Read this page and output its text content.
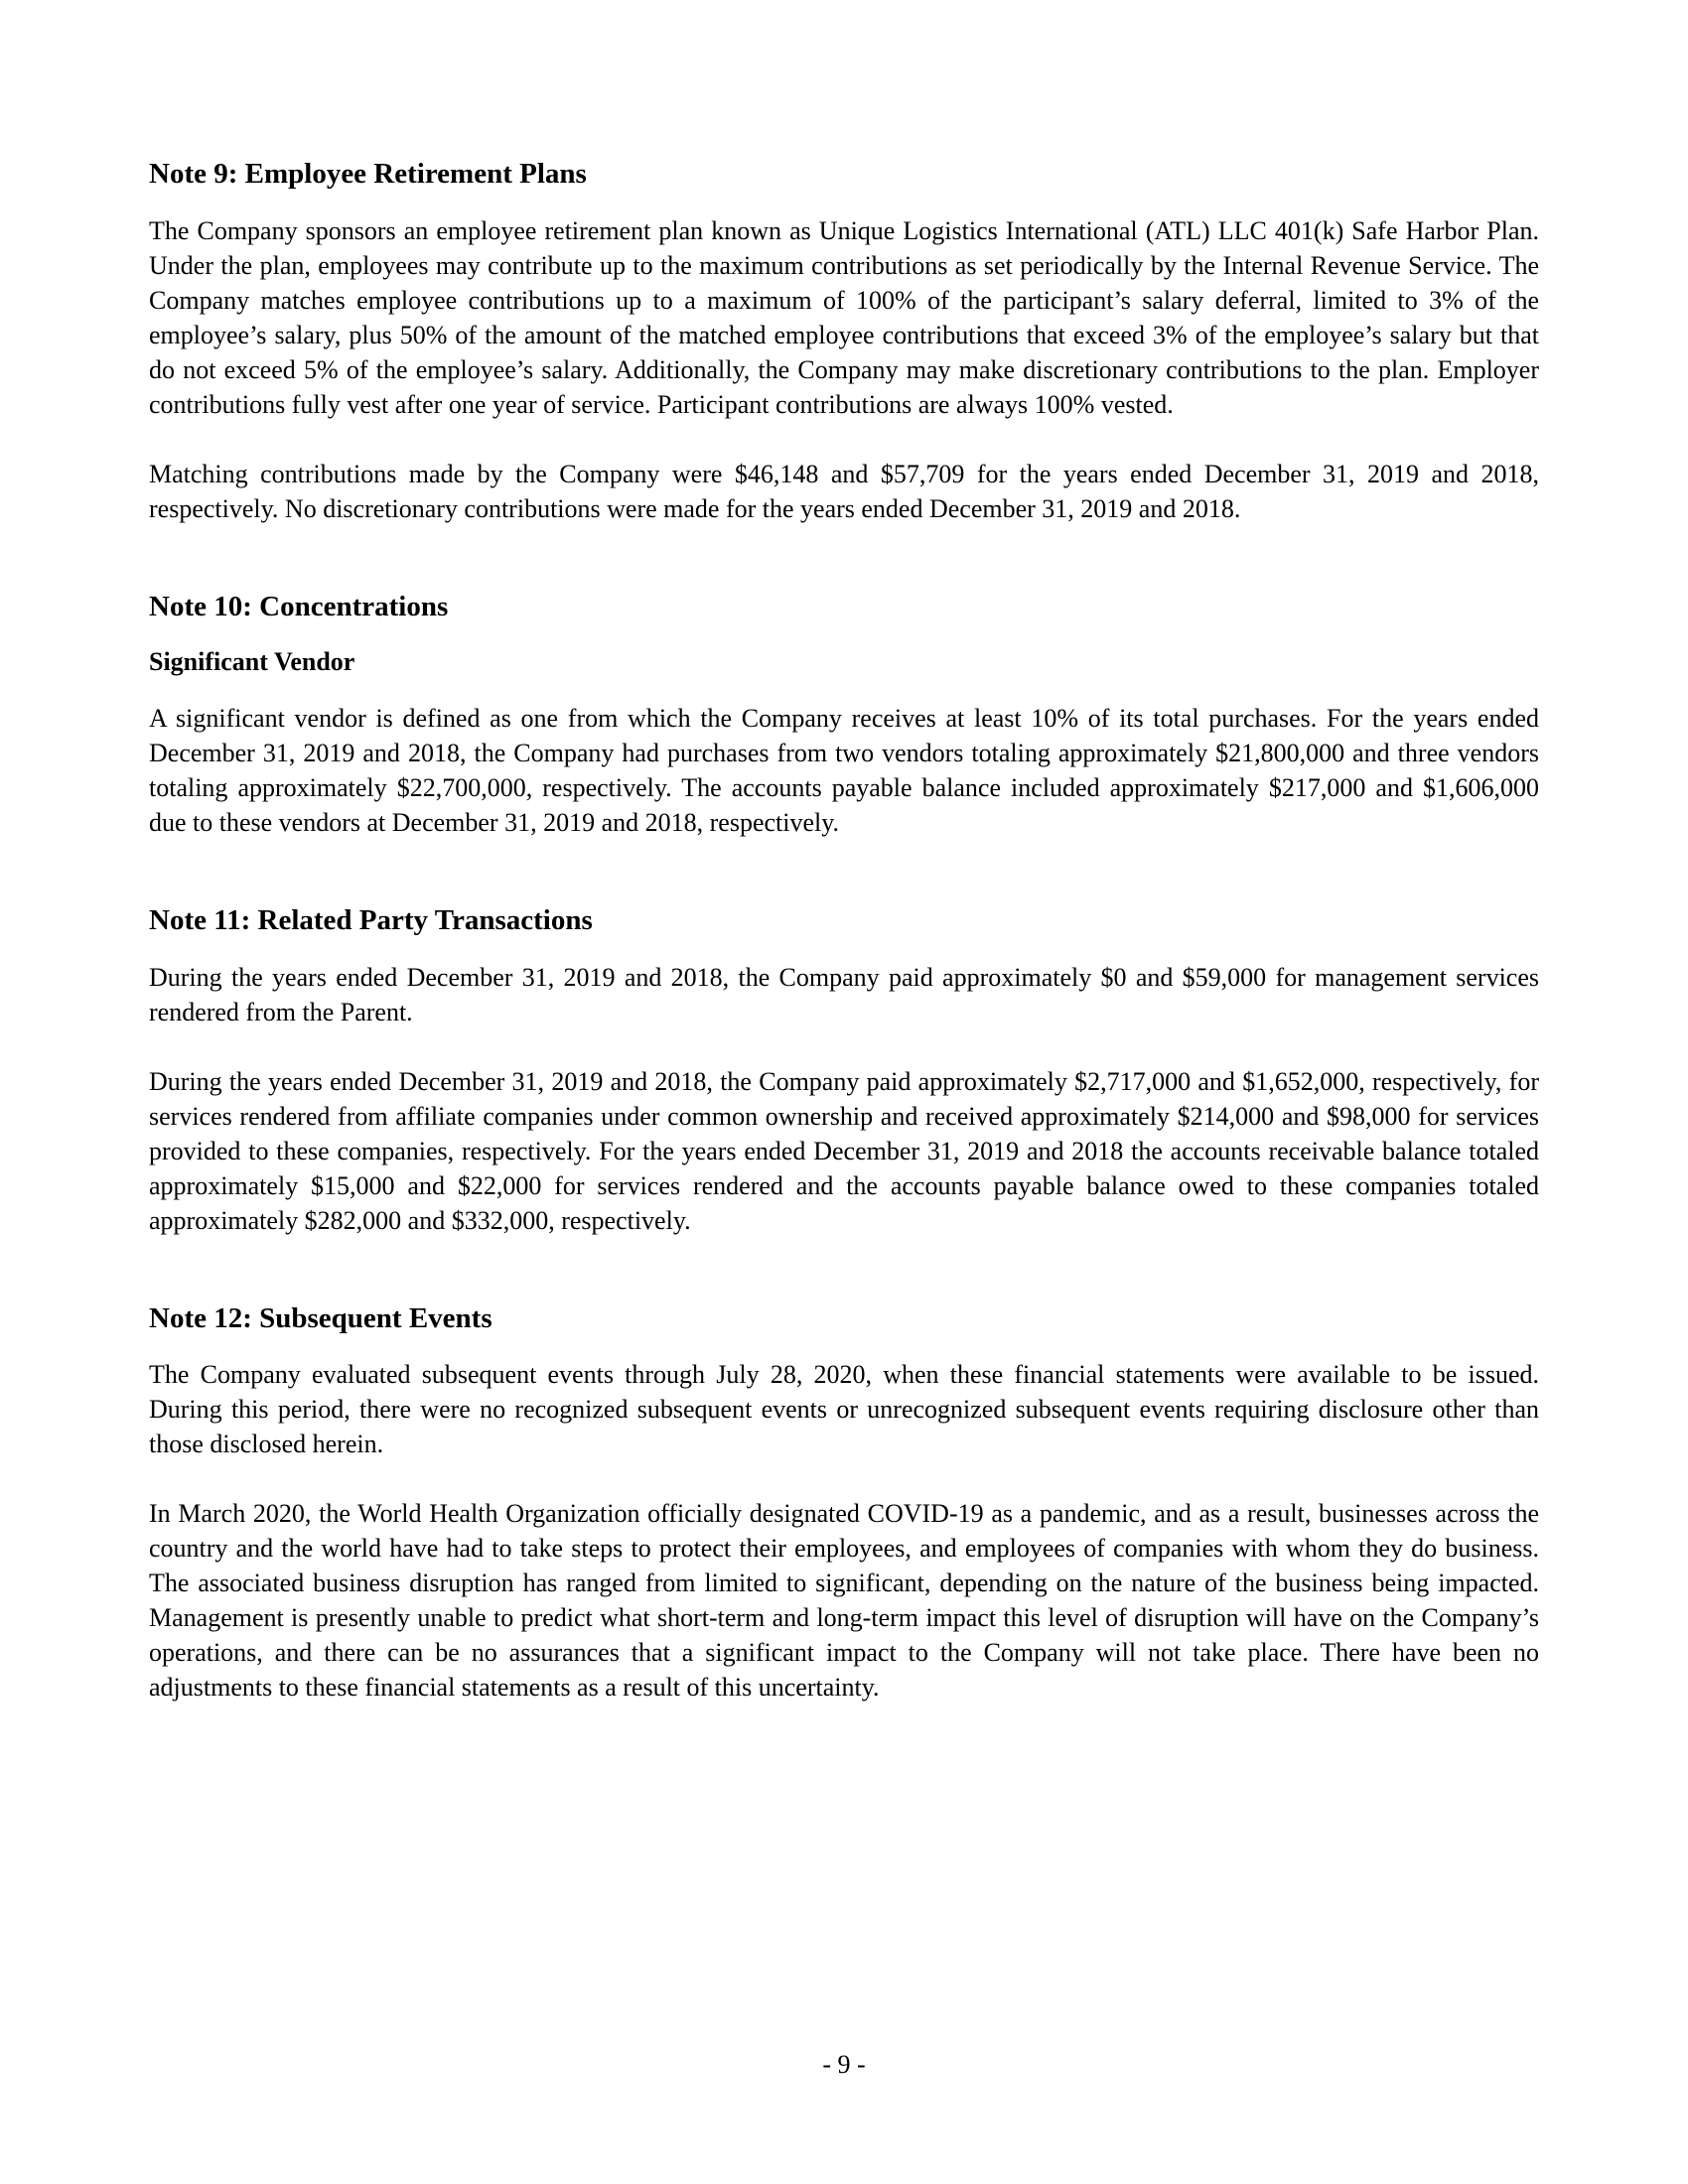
Note 9: Employee Retirement Plans

The Company sponsors an employee retirement plan known as Unique Logistics International (ATL) LLC 401(k) Safe Harbor Plan. Under the plan, employees may contribute up to the maximum contributions as set periodically by the Internal Revenue Service. The Company matches employee contributions up to a maximum of 100% of the participant’s salary deferral, limited to 3% of the employee’s salary, plus 50% of the amount of the matched employee contributions that exceed 3% of the employee’s salary but that do not exceed 5% of the employee’s salary. Additionally, the Company may make discretionary contributions to the plan. Employer contributions fully vest after one year of service. Participant contributions are always 100% vested.

Matching contributions made by the Company were $46,148 and $57,709 for the years ended December 31, 2019 and 2018, respectively. No discretionary contributions were made for the years ended December 31, 2019 and 2018.

Note 10: Concentrations
Significant Vendor

A significant vendor is defined as one from which the Company receives at least 10% of its total purchases. For the years ended December 31, 2019 and 2018, the Company had purchases from two vendors totaling approximately $21,800,000 and three vendors totaling approximately $22,700,000, respectively. The accounts payable balance included approximately $217,000 and $1,606,000 due to these vendors at December 31, 2019 and 2018, respectively.

Note 11: Related Party Transactions

During the years ended December 31, 2019 and 2018, the Company paid approximately $0 and $59,000 for management services rendered from the Parent.

During the years ended December 31, 2019 and 2018, the Company paid approximately $2,717,000 and $1,652,000, respectively, for services rendered from affiliate companies under common ownership and received approximately $214,000 and $98,000 for services provided to these companies, respectively. For the years ended December 31, 2019 and 2018 the accounts receivable balance totaled approximately $15,000 and $22,000 for services rendered and the accounts payable balance owed to these companies totaled approximately $282,000 and $332,000, respectively.

Note 12: Subsequent Events

The Company evaluated subsequent events through July 28, 2020, when these financial statements were available to be issued. During this period, there were no recognized subsequent events or unrecognized subsequent events requiring disclosure other than those disclosed herein.

In March 2020, the World Health Organization officially designated COVID-19 as a pandemic, and as a result, businesses across the country and the world have had to take steps to protect their employees, and employees of companies with whom they do business. The associated business disruption has ranged from limited to significant, depending on the nature of the business being impacted. Management is presently unable to predict what short-term and long-term impact this level of disruption will have on the Company’s operations, and there can be no assurances that a significant impact to the Company will not take place. There have been no adjustments to these financial statements as a result of this uncertainty.

- 9 -
